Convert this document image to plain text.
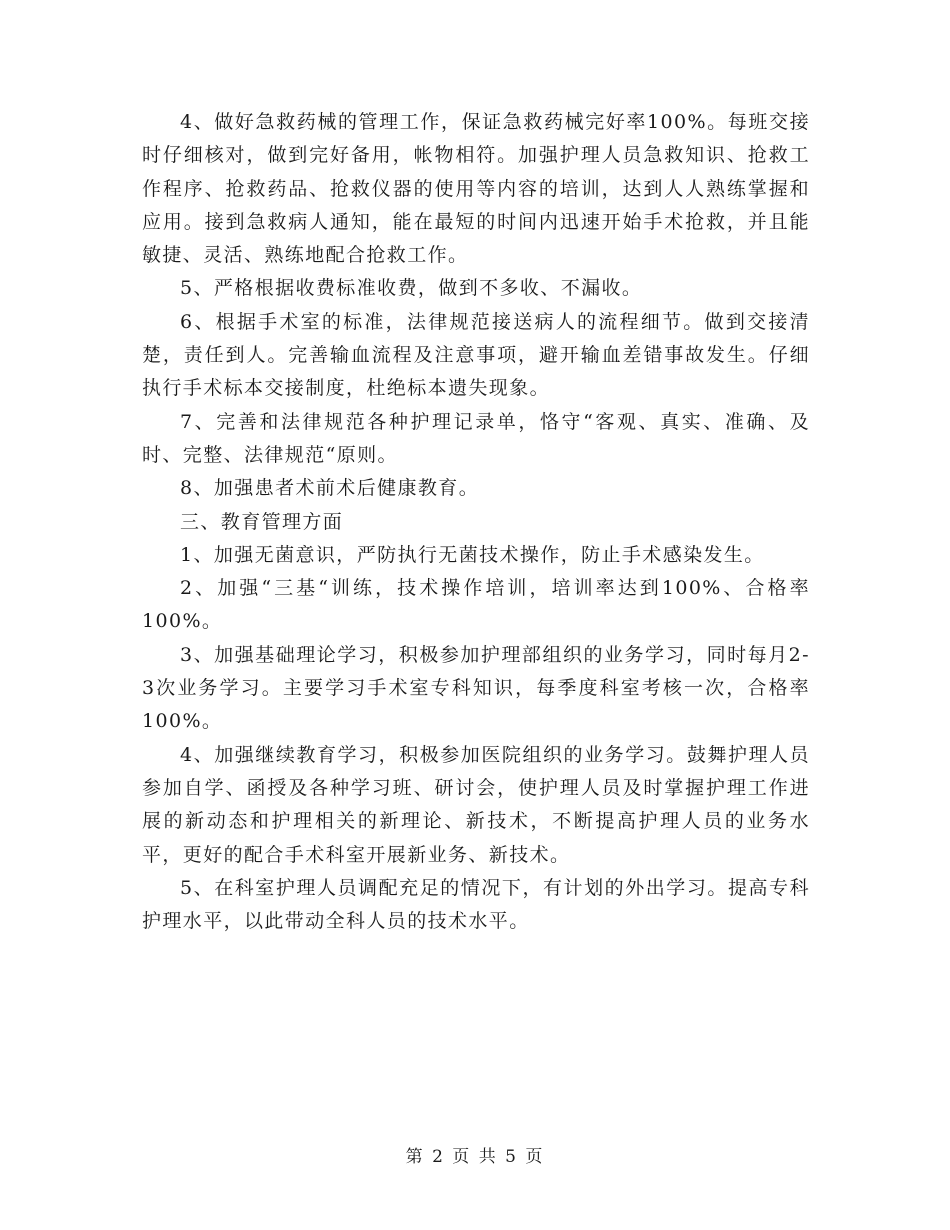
4、做好急救药械的管理工作，保证急救药械完好率100%。每班交接时仔细核对，做到完好备用，帐物相符。加强护理人员急救知识、抢救工作程序、抢救药品、抢救仪器的使用等内容的培训，达到人人熟练掌握和应用。接到急救病人通知，能在最短的时间内迅速开始手术抢救，并且能敏捷、灵活、熟练地配合抢救工作。

5、严格根据收费标准收费，做到不多收、不漏收。

6、根据手术室的标准，法律规范接送病人的流程细节。做到交接清楚，责任到人。完善输血流程及注意事项，避开输血差错事故发生。仔细执行手术标本交接制度，杜绝标本遗失现象。

7、完善和法律规范各种护理记录单，恪守“客观、真实、准确、及时、完整、法律规范“原则。

8、加强患者术前术后健康教育。

三、教育管理方面

1、加强无菌意识，严防执行无菌技术操作，防止手术感染发生。

2、加强“三基“训练，技术操作培训，培训率达到100%、合格率100%。

3、加强基础理论学习，积极参加护理部组织的业务学习，同时每月2-3次业务学习。主要学习手术室专科知识，每季度科室考核一次，合格率100%。

4、加强继续教育学习，积极参加医院组织的业务学习。鼓舞护理人员参加自学、函授及各种学习班、研讨会，使护理人员及时掌握护理工作进展的新动态和护理相关的新理论、新技术，不断提高护理人员的业务水平，更好的配合手术科室开展新业务、新技术。

5、在科室护理人员调配充足的情况下，有计划的外出学习。提高专科护理水平，以此带动全科人员的技术水平。

第 2 页 共 5 页
